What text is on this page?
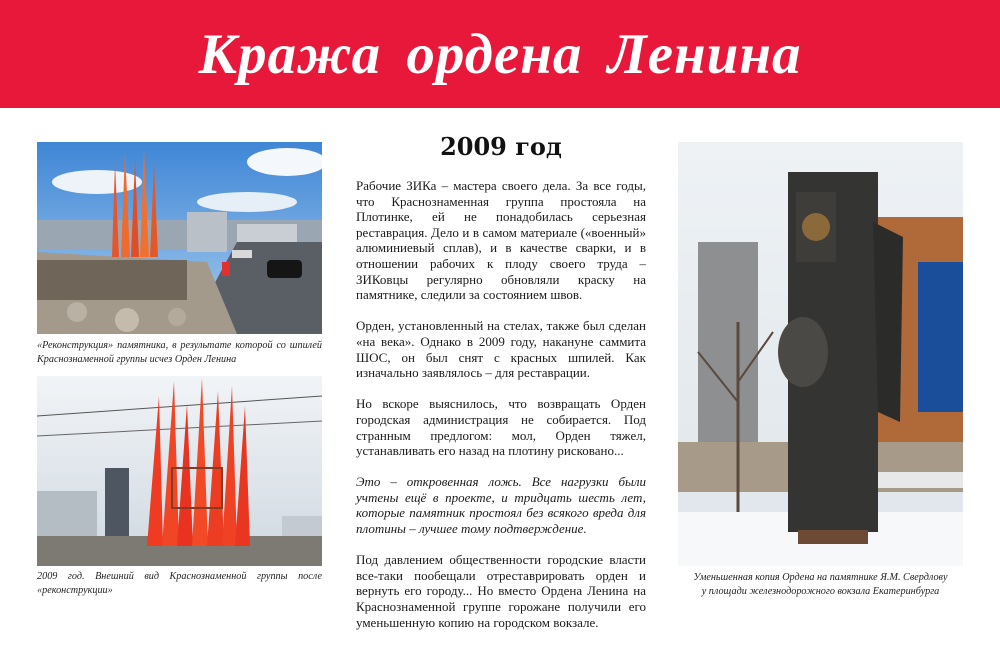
Кража ордена Ленина
«Реконструкция» памятника, в результате которой со шпилей Краснознаменной группы исчез Орден Ленина
2009 год. Внешний вид Краснознаменной группы после «реконструкции»
2009 год

Рабочие ЗИКа – мастера своего дела. За все годы, что Краснознаменная группа простояла на Плотинке, ей не понадобилась серьезная реставрация. Дело и в самом материале («военный» алюминиевый сплав), и в качестве сварки, и в отношении рабочих к плоду своего труда – ЗИКовцы регулярно обновляли краску на памятнике, следили за состоянием швов.

Орден, установленный на стелах, также был сделан «на века». Однако в 2009 году, накануне саммита ШОС, он был снят с красных шпилей. Как изначально заявлялось – для реставрации.

Но вскоре выяснилось, что возвращать Орден городская администрация не собирается. Под странным предлогом: мол, Орден тяжел, устанавливать его назад на плотину рисковано...

Это – откровенная ложь. Все нагрузки были учтены ещё в проекте, и тридцать шесть лет, которые памятник простоял без всякого вреда для плотины – лучшее тому подтверждение.

Под давлением общественности городские власти все-таки пообещали отреставрировать орден и вернуть его городу... Но вместо Ордена Ленина на Краснознаменной группе горожане получили его уменьшенную копию на городском вокзале.

Уменьшенная копия Ордена на памятнике Я.М. Свердлову
у площади железнодорожного вокзала Екатеринбурга
